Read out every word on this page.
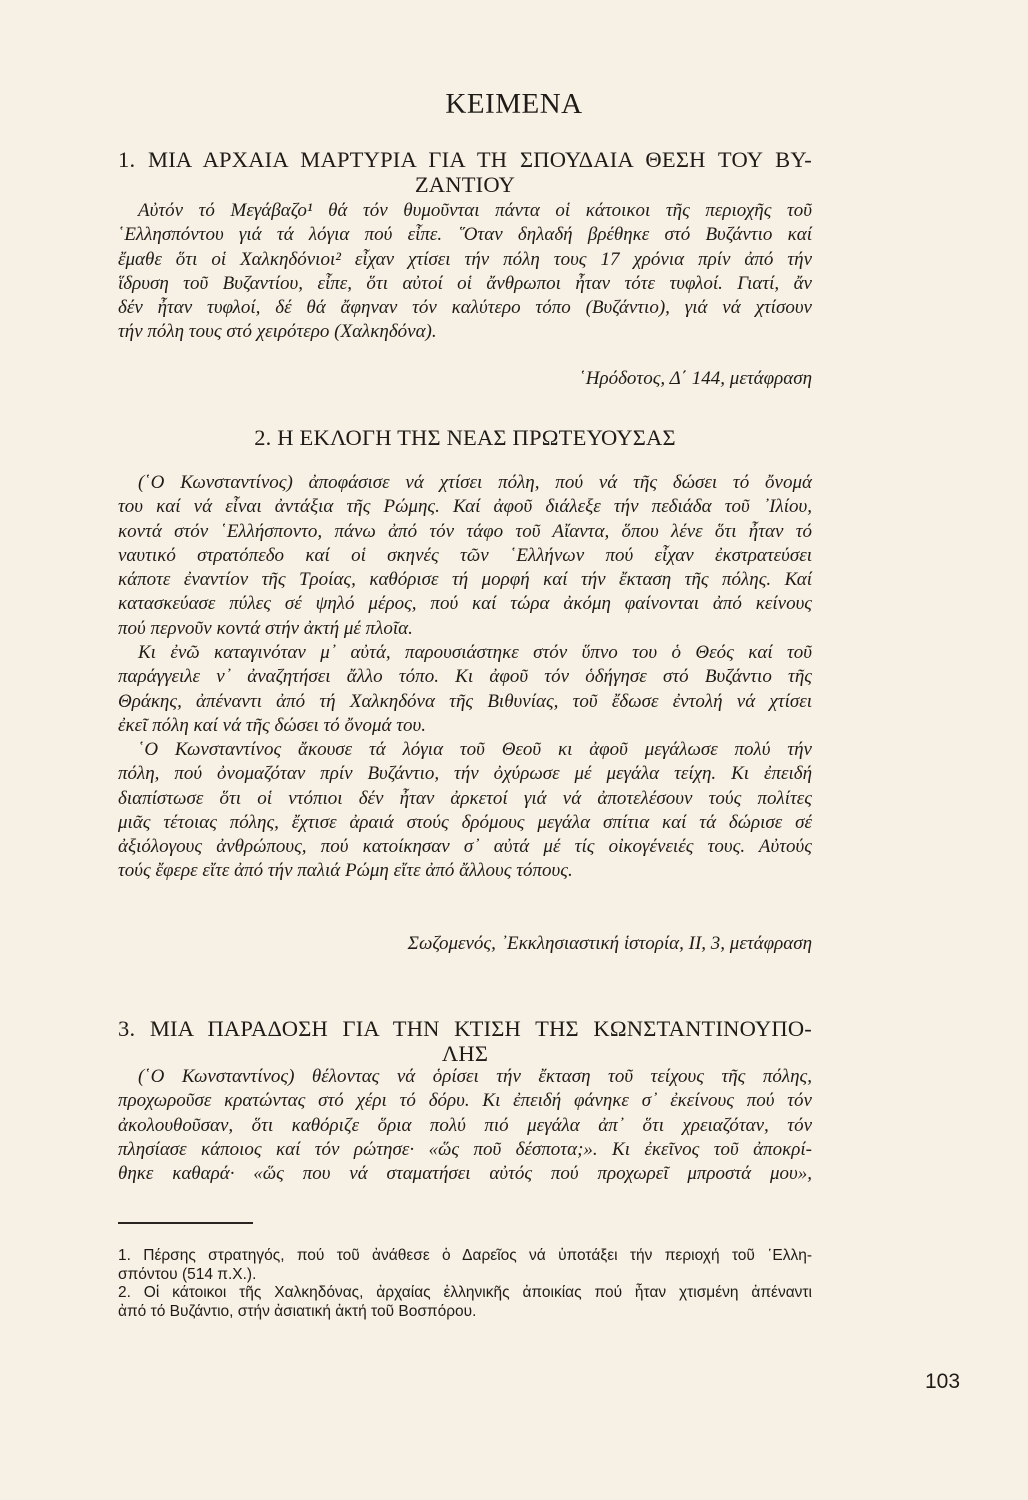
ΚΕΙΜΕΝΑ
1. ΜΙΑ ΑΡΧΑΙΑ ΜΑΡΤΥΡΙΑ ΓΙΑ ΤΗ ΣΠΟΥΔΑΙΑ ΘΕΣΗ ΤΟΥ ΒΥ-
ΖΑΝΤΙΟΥ
Αὐτόν τό Μεγάβαζο¹ θά τόν θυμοῦνται πάντα οἱ κάτοικοι τῆς περιοχῆς τοῦ
῾Ελλησπόντου γιά τά λόγια πού εἶπε. ῞Οταν δηλαδή βρέθηκε στό Βυζάντιο καί
ἔμαθε ὅτι οἱ Χαλκηδόνιοι² εἶχαν χτίσει τήν πόλη τους 17 χρόνια πρίν ἀπό τήν
ἵδρυση τοῦ Βυζαντίου, εἶπε, ὅτι αὐτοί οἱ ἄνθρωποι ἦταν τότε τυφλοί. Γιατί, ἄν
δέν ἦταν τυφλοί, δέ θά ἄφηναν τόν καλύτερο τόπο (Βυζάντιο), γιά νά χτίσουν
τήν πόλη τους στό χειρότερο (Χαλκηδόνα).
῾Ηρόδοτος, Δ΄ 144, μετάφραση
2. Η ΕΚΛΟΓΗ ΤΗΣ ΝΕΑΣ ΠΡΩΤΕΥΟΥΣΑΣ
(῾Ο Κωνσταντίνος) ἀποφάσισε νά χτίσει πόλη, πού νά τῆς δώσει τό ὄνομά
του καί νά εἶναι ἀντάξια τῆς Ρώμης. Καί ἀφοῦ διάλεξε τήν πεδιάδα τοῦ ᾽Ιλίου,
κοντά στόν ῾Ελλήσποντο, πάνω ἀπό τόν τάφο τοῦ Αἴαντα, ὅπου λένε ὅτι ἦταν τό
ναυτικό στρατόπεδο καί οἱ σκηνές τῶν ῾Ελλήνων πού εἶχαν ἐκστρατεύσει
κάποτε ἐναντίον τῆς Τροίας, καθόρισε τή μορφή καί τήν ἔκταση τῆς πόλης. Καί
κατασκεύασε πύλες σέ ψηλό μέρος, πού καί τώρα ἀκόμη φαίνονται ἀπό κείνους
πού περνοῦν κοντά στήν ἀκτή μέ πλοῖα.
Κι ἐνῶ καταγινόταν μ᾽ αὐτά, παρουσιάστηκε στόν ὕπνο του ὁ Θεός καί τοῦ
παράγγειλε ν᾽ ἀναζητήσει ἄλλο τόπο. Κι ἀφοῦ τόν ὁδήγησε στό Βυζάντιο τῆς
Θράκης, ἀπέναντι ἀπό τή Χαλκηδόνα τῆς Βιθυνίας, τοῦ ἔδωσε ἐντολή νά χτίσει
ἐκεῖ πόλη καί νά τῆς δώσει τό ὄνομά του.
῾Ο Κωνσταντίνος ἄκουσε τά λόγια τοῦ Θεοῦ κι ἀφοῦ μεγάλωσε πολύ τήν
πόλη, πού ὀνομαζόταν πρίν Βυζάντιο, τήν ὀχύρωσε μέ μεγάλα τείχη. Κι ἐπειδή
διαπίστωσε ὅτι οἱ ντόπιοι δέν ἦταν ἀρκετοί γιά νά ἀποτελέσουν τούς πολίτες
μιᾶς τέτοιας πόλης, ἔχτισε ἀραιά στούς δρόμους μεγάλα σπίτια καί τά δώρισε σέ
ἀξιόλογους ἀνθρώπους, πού κατοίκησαν σ᾽ αὐτά μέ τίς οἰκογένειές τους. Αὐτούς
τούς ἔφερε εἴτε ἀπό τήν παλιά Ρώμη εἴτε ἀπό ἄλλους τόπους.
Σωζομενός, ᾽Εκκλησιαστική ἱστορία, ΙΙ, 3, μετάφραση
3. ΜΙΑ ΠΑΡΑΔΟΣΗ ΓΙΑ ΤΗΝ ΚΤΙΣΗ ΤΗΣ ΚΩΝΣΤΑΝΤΙΝΟΥΠΟ-
ΛΗΣ
(῾Ο Κωνσταντίνος) θέλοντας νά ὁρίσει τήν ἔκταση τοῦ τείχους τῆς πόλης,
προχωροῦσε κρατώντας στό χέρι τό δόρυ. Κι ἐπειδή φάνηκε σ᾽ ἐκείνους πού τόν
ἀκολουθοῦσαν, ὅτι καθόριζε ὅρια πολύ πιό μεγάλα ἀπ᾽ ὅτι χρειαζόταν, τόν
πλησίασε κάποιος καί τόν ρώτησε· «ὥς ποῦ δέσποτα;». Κι ἐκεῖνος τοῦ ἀποκρί-
θηκε καθαρά· «ὥς που νά σταματήσει αὐτός πού προχωρεῖ μπροστά μου»,
1. Πέρσης στρατηγός, πού τοῦ ἀνάθεσε ὁ Δαρεῖος νά ὑποτάξει τήν περιοχή τοῦ ῾Ελλη-
σπόντου (514 π.Χ.).
2. Οἱ κάτοικοι τῆς Χαλκηδόνας, ἀρχαίας ἑλληνικῆς ἀποικίας πού ἦταν χτισμένη ἀπέναντι
ἀπό τό Βυζάντιο, στήν ἀσιατική ἀκτή τοῦ Βοσπόρου.
103
